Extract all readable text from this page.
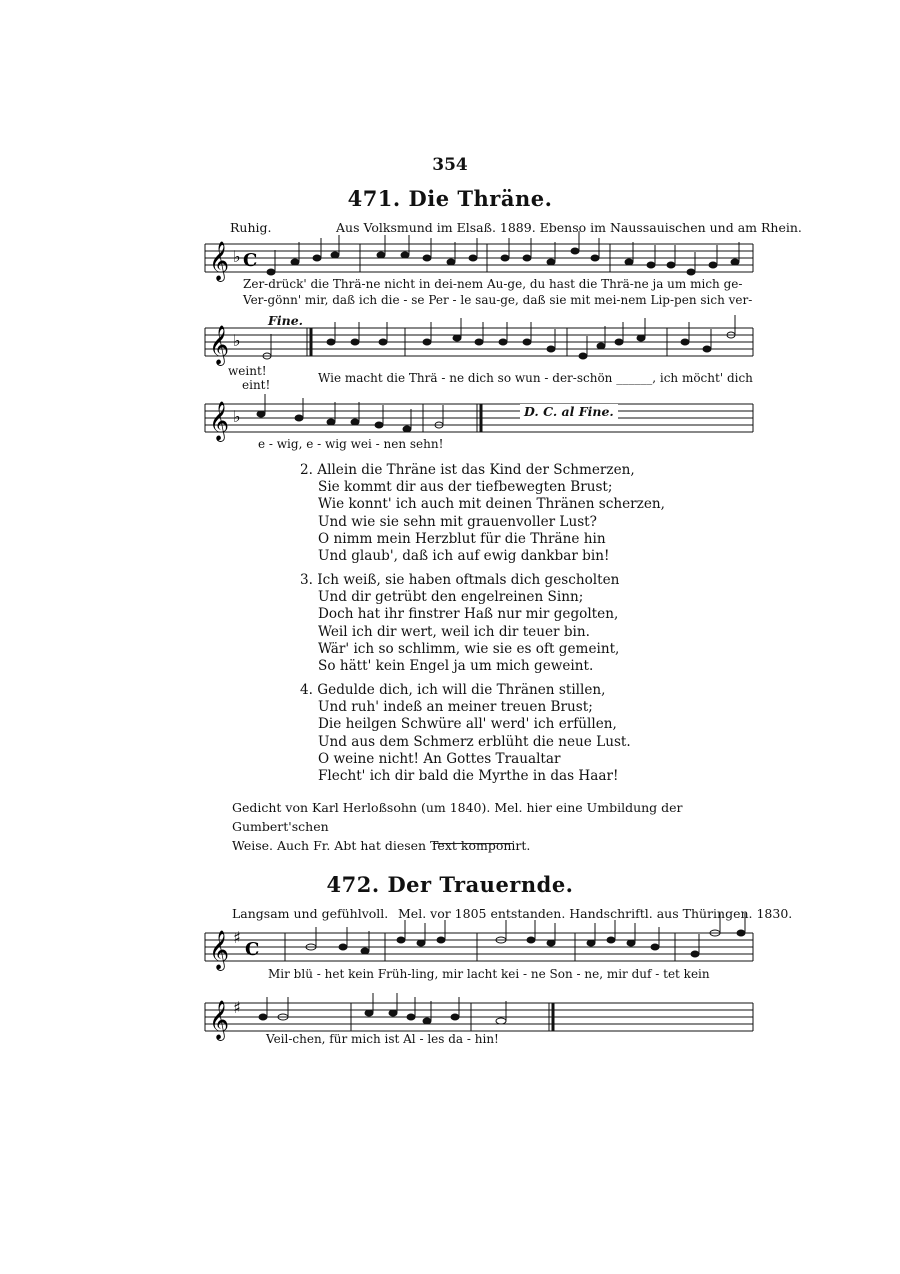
354
471. Die Thräne.
Ruhig.	Aus Volksmund im Elsaß. 1889. Ebenso im Naussauischen und am Rhein.
𝄞 ♭ C
Zer-drück' die Thrä-ne nicht in dei-nem Au-ge, du hast die Thrä-ne ja um mich ge-
Ver-gönn' mir, daß ich die - se Per - le sau-ge, daß sie mit mei-nem Lip-pen sich ver-
Fine.
𝄞 ♭
weint!
eint!	Wie macht die Thrä - ne dich so wun - der-schön ______, ich möcht' dich
𝄞 ♭	D. C. al Fine.
e - wig, e - wig wei - nen sehn!
2. Allein die Thräne ist das Kind der Schmerzen,
Sie kommt dir aus der tiefbewegten Brust;
Wie konnt' ich auch mit deinen Thränen scherzen,
Und wie sie sehn mit grauenvoller Lust?
O nimm mein Herzblut für die Thräne hin
Und glaub', daß ich auf ewig dankbar bin!
3. Ich weiß, sie haben oftmals dich gescholten
Und dir getrübt den engelreinen Sinn;
Doch hat ihr finstrer Haß nur mir gegolten,
Weil ich dir wert, weil ich dir teuer bin.
Wär' ich so schlimm, wie sie es oft gemeint,
So hätt' kein Engel ja um mich geweint.
4. Geduldе dich, ich will die Thränen stillen,
Und ruh' indeß an meiner treuen Brust;
Die heilgen Schwüre all' werd' ich erfüllen,
Und aus dem Schmerz erblüht die neue Lust.
O weine nicht! An Gottes Traualtar
Flecht' ich dir bald die Myrthe in das Haar!
Gedicht von Karl Herloßsohn (um 1840). Mel. hier eine Umbildung der Gumbert'schen
Weise. Auch Fr. Abt hat diesen Text komponirt.
472. Der Trauernde.
Langsam und gefühlvoll. Mel. vor 1805 entstanden. Handschriftl. aus Thüringen. 1830.
𝄞 ♯
C
Mir blü - het kein Früh-ling, mir lacht kei - ne Son - ne, mir duf - tet kein
𝄞 ♯
Veil-chen, für mich ist Al - les da - hin!
